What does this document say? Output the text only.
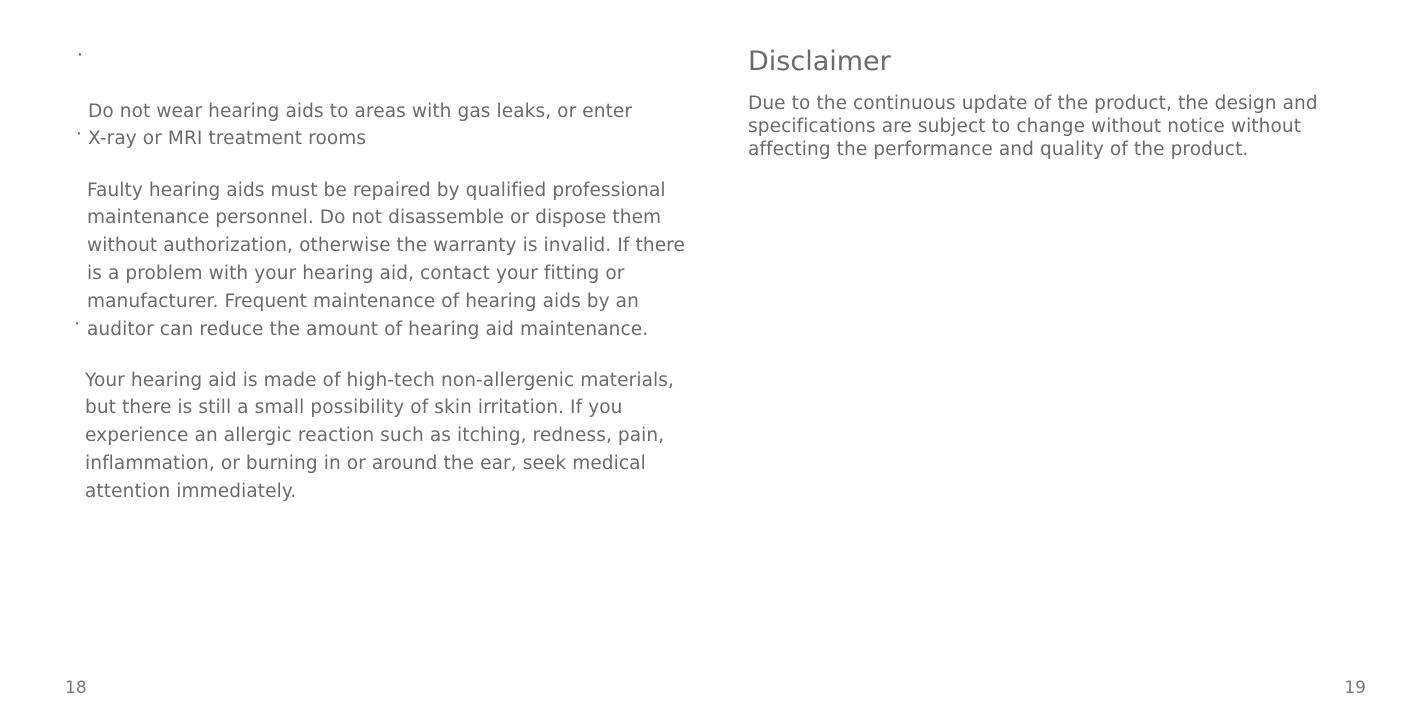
·

Do not wear hearing aids to areas with gas leaks, or enter
X-ray or MRI treatment rooms

·

Faulty hearing aids must be repaired by qualified professional
maintenance personnel. Do not disassemble or dispose them
without authorization, otherwise the warranty is invalid. If there
is a problem with your hearing aid, contact your fitting or
manufacturer. Frequent maintenance of hearing aids by an
auditor can reduce the amount of hearing aid maintenance.

·

Your hearing aid is made of high-tech non-allergenic materials,
but there is still a small possibility of skin irritation. If you
experience an allergic reaction such as itching, redness, pain,
inflammation, or burning in or around the ear, seek medical
attention immediately.

18
Disclaimer
Due to the continuous update of the product, the design and
specifications are subject to change without notice without
affecting the performance and quality of the product.
19
